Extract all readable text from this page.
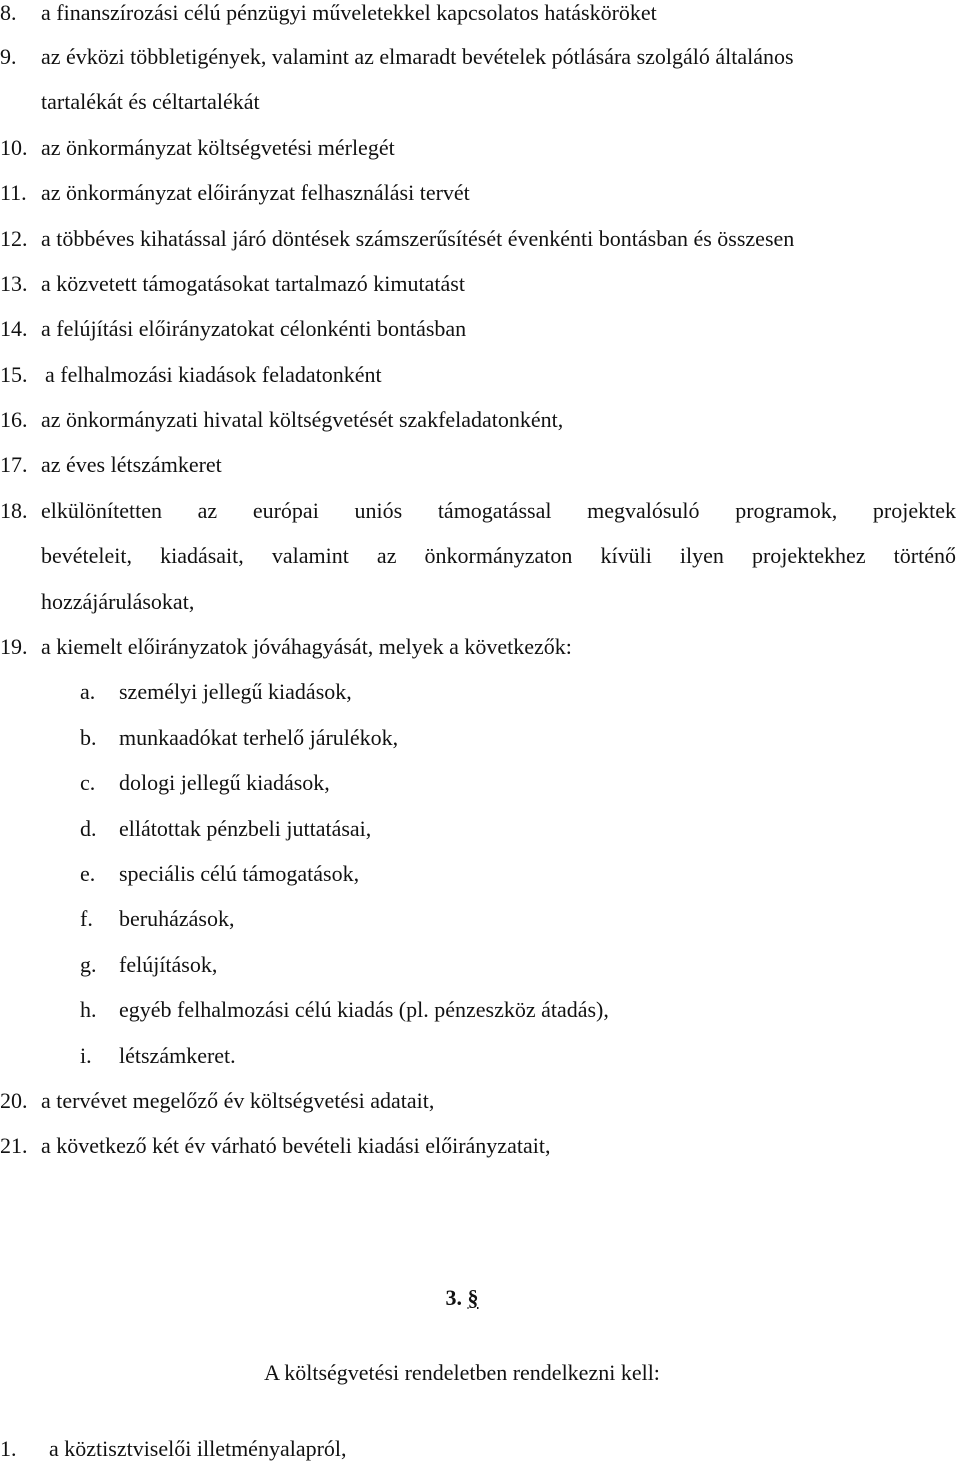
8. a finanszírozási célú pénzügyi műveletekkel kapcsolatos hatásköröket
9. az évközi többletigények, valamint az elmaradt bevételek pótlására szolgáló általános
tartalékát és céltartalékát
10. az önkormányzat költségvetési mérlegét
11. az önkormányzat előirányzat felhasználási tervét
12. a többéves kihatással járó döntések számszerűsítését évenkénti bontásban és összesen
13. a közvetett támogatásokat tartalmazó kimutatást
14. a felújítási előirányzatokat célonkénti bontásban
15. a felhalmozási kiadások feladatonként
16. az önkormányzati hivatal költségvetését szakfeladatonként,
17. az éves létszámkeret
18. elkülönítetten az európai uniós támogatással megvalósuló programok, projektek
bevételeit, kiadásait, valamint az önkormányzaton kívüli ilyen projektekhez történő
hozzájárulásokat,
19. a kiemelt előirányzatok jóváhagyását, melyek a következők:
a. személyi jellegű kiadások,
b. munkaadókat terhelő járulékok,
c. dologi jellegű kiadások,
d. ellátottak pénzbeli juttatásai,
e. speciális célú támogatások,
f. beruházások,
g. felújítások,
h. egyéb felhalmozási célú kiadás (pl. pénzeszköz átadás),
i. létszámkeret.
20. a tervévet megelőző év költségvetési adatait,
21. a következő két év várható bevételi kiadási előirányzatait,
3. §
A költségvetési rendeletben rendelkezni kell:
1. a köztisztviselői illetményalapról,
